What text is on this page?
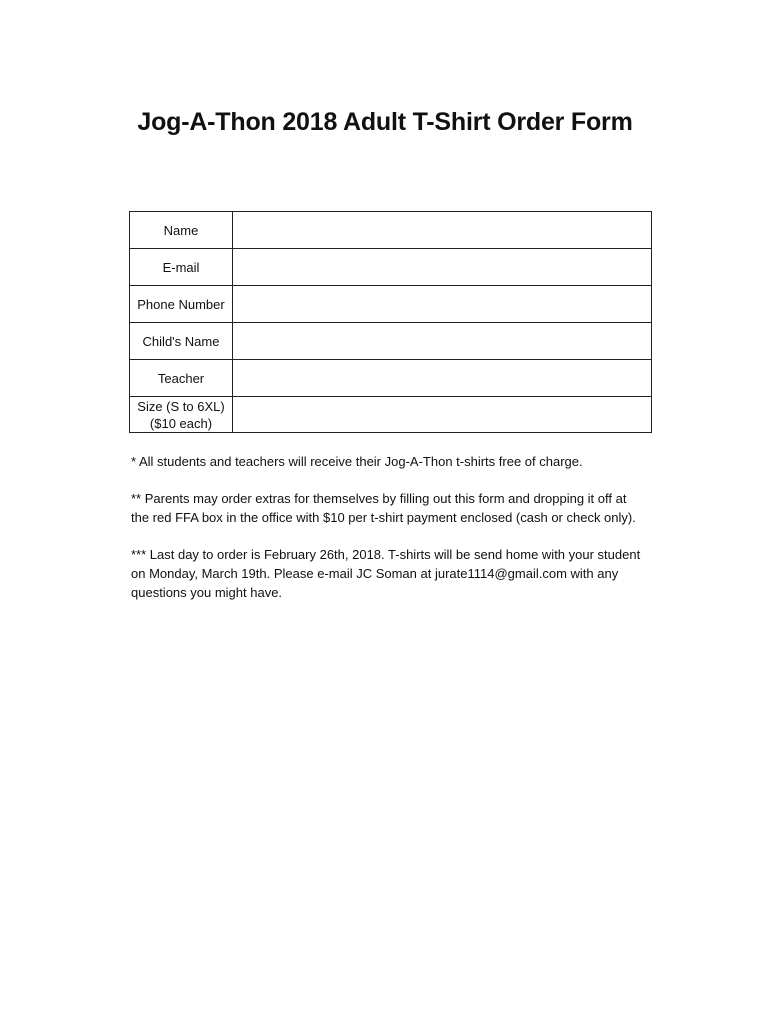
Jog-A-Thon 2018 Adult T-Shirt Order Form
Name	

E-mail	

Phone Number	

Child's Name	

Teacher	

Size (S to 6XL)
($10 each)	

* All students and teachers will receive their Jog-A-Thon t-shirts free of charge.

** Parents may order extras for themselves by filling out this form and dropping it off at
the red FFA box in the office with $10 per t-shirt payment enclosed (cash or check only).

*** Last day to order is February 26th, 2018. T-shirts will be send home with your student
on Monday, March 19th. Please e-mail JC Soman at jurate1114@gmail.com with any
questions you might have.
